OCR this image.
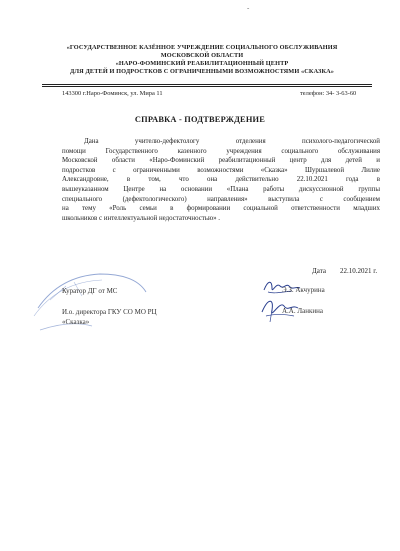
-
«ГОСУДАРСТВЕННОЕ КАЗЁННОЕ УЧРЕЖДЕНИЕ СОЦИАЛЬНОГО ОБСЛУЖИВАНИЯ
МОСКОВСКОЙ ОБЛАСТИ
«НАРО-ФОМИНСКИЙ РЕАБИЛИТАЦИОННЫЙ ЦЕНТР
ДЛЯ ДЕТЕЙ И ПОДРОСТКОВ С ОГРАНИЧЕННЫМИ ВОЗМОЖНОСТЯМИ «СКАЗКА»
143300 г.Наро-Фоминск, ул. Мира 11	телефон: 34- 3-63-60
СПРАВКА - ПОДТВЕРЖДЕНИЕ
Дана учителю-дефектологу отделения психолого-педагогической
помощи Государственного казенного учреждения социального обслуживания
Московской области «Наро-Фоминский реабилитационный центр для детей и
подростков с ограниченными возможностями «Сказка» Шуршалевой Лилие
Александровне, в том, что она действительно 22.10.2021 года в
вышеуказанном Центре на основании «Плана работы дискуссионной группы
специального (дефектологического) направления» выступила с сообщением
на тему «Роль семьи в формировании социальной ответственности младших
школьников с интеллектуальной недостаточностью» .
Дата 22.10.2021 г.
Куратор ДГ от МС	Э.З. Акчурина
И.о. директора ГКУ СО МО РЦ
«Сказка»
А.А. Ланкина
